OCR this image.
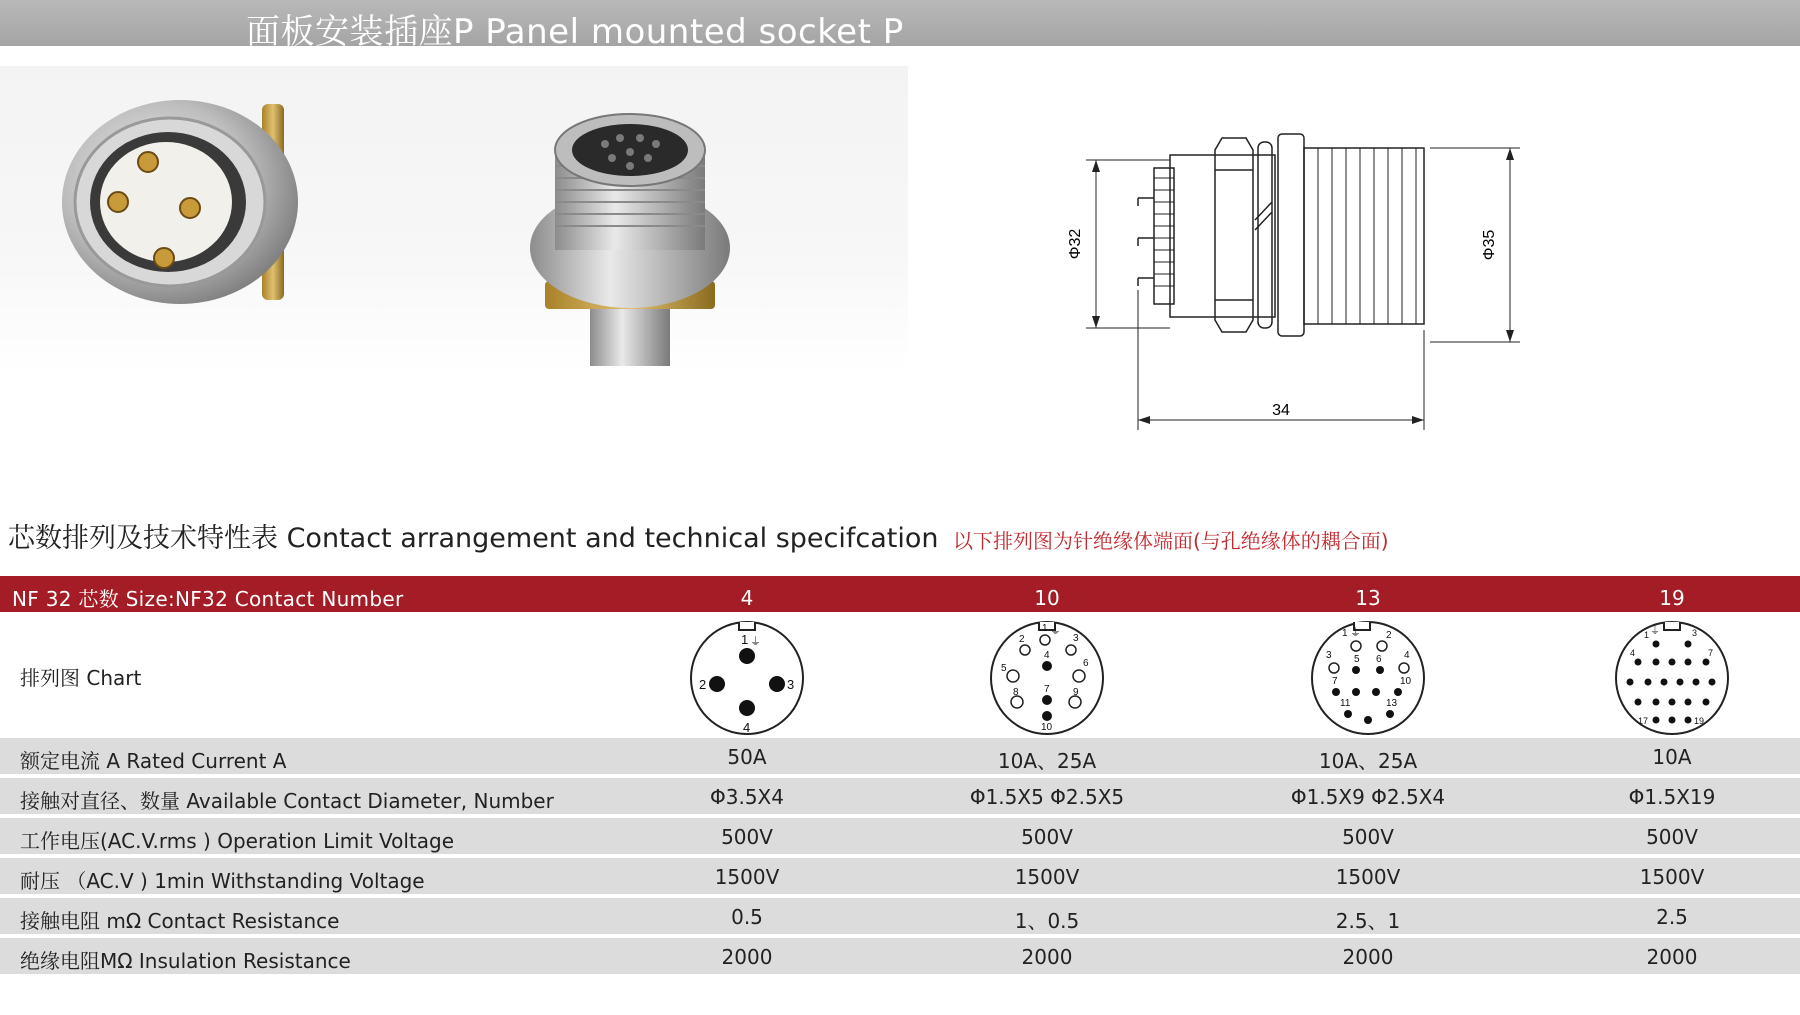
面板安装插座P Panel mounted socket P
Φ32	Φ35
34
芯数排列及技术特性表 Contact arrangement and technical specifcation 以下排列图为针绝缘体端面(与孔绝缘体的耦合面)
NF 32 芯数 Size:NF32 Contact Number	4	10	13	19
排列图 Chart
1 ⏚
2	3
4
1 ⏚
2	3
4
5	6
7
8	9
10
1 ⏚	2
3	4
5 6
10
7
11	13
1 ⏚	3
4	7
17	19
额定电流 A Rated Current A	50A	10A、25A	10A、25A	10A
接触对直径、数量 Available Contact Diameter, Number	Φ3.5X4	Φ1.5X5 Φ2.5X5	Φ1.5X9 Φ2.5X4	Φ1.5X19
工作电压(AC.V.rms ) Operation Limit Voltage	500V	500V	500V	500V
耐压 （AC.V ) 1min Withstanding Voltage	1500V	1500V	1500V	1500V
接触电阻 mΩ Contact Resistance	0.5	1、0.5	2.5、1	2.5
绝缘电阻MΩ Insulation Resistance	2000	2000	2000	2000
